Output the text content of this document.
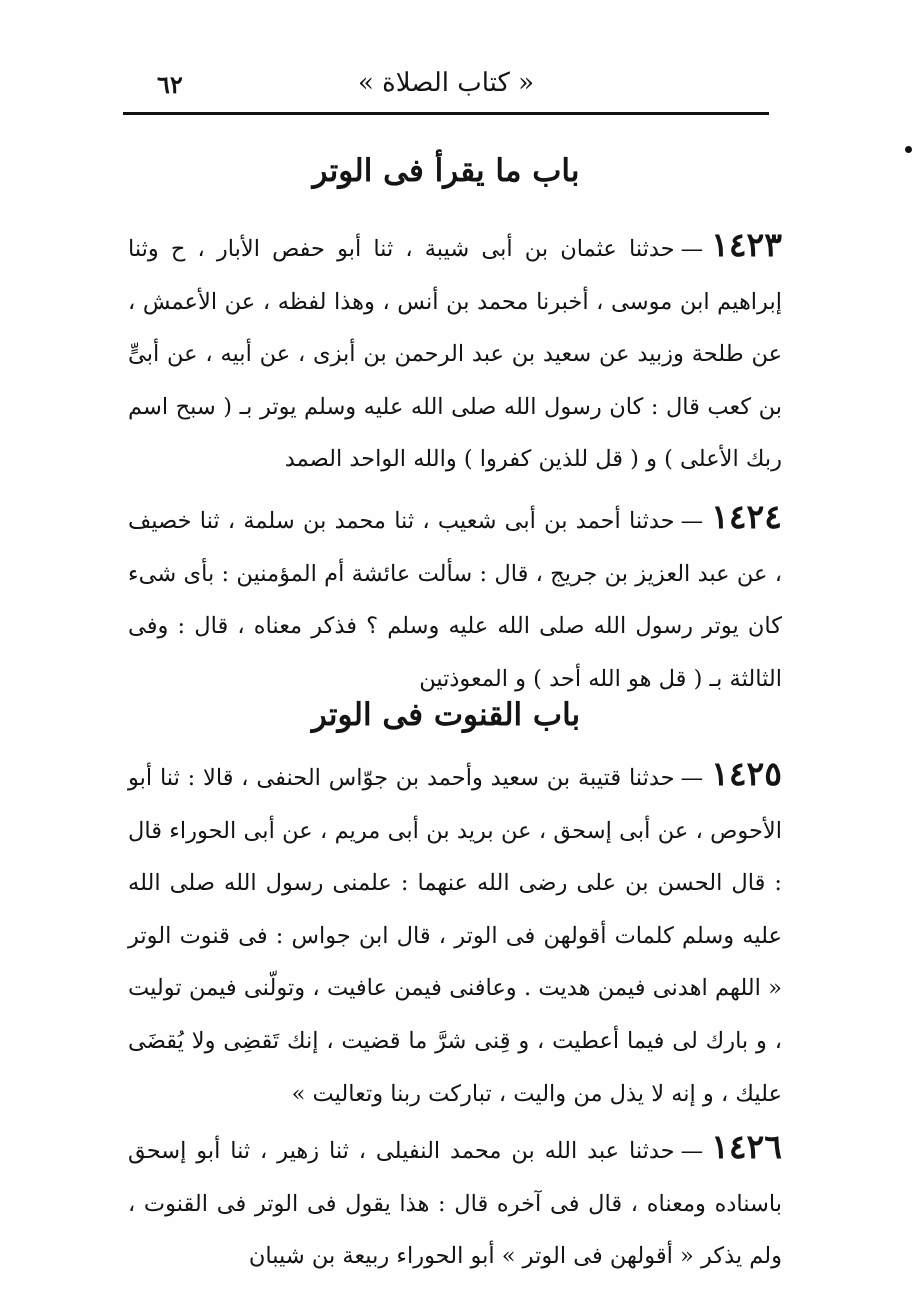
« كتاب الصلاة »
٦٢
باب ما يقرأ فى الوتر
١٤٢٣—حدثنا عثمان بن أبى شيبة ، ثنا أبو حفص الأبار ، ح وثنا إبراهيم ابن موسى ، أخبرنا محمد بن أنس ، وهذا لفظه ، عن الأعمش ، عن طلحة وزبيد عن سعيد بن عبد الرحمن بن أبزى ، عن أبيه ، عن أبىٍّ بن كعب قال : كان رسول الله صلى الله عليه وسلم يوتر بـ ( سبح اسم ربك الأعلى ) و ( قل للذين كفروا ) والله الواحد الصمد
١٤٢٤—حدثنا أحمد بن أبى شعيب ، ثنا محمد بن سلمة ، ثنا خصيف ، عن عبد العزيز بن جريج ، قال : سألت عائشة أم المؤمنين : بأى شىء كان يوتر رسول الله صلى الله عليه وسلم ؟ فذكر معناه ، قال : وفى الثالثة بـ ( قل هو الله أحد ) و المعوذتين
باب القنوت فى الوتر
١٤٢٥—حدثنا قتيبة بن سعيد وأحمد بن جوّاس الحنفى ، قالا : ثنا أبو الأحوص ، عن أبى إسحق ، عن بريد بن أبى مريم ، عن أبى الحوراء قال : قال الحسن بن على رضى الله عنهما : علمنى رسول الله صلى الله عليه وسلم كلمات أقولهن فى الوتر ، قال ابن جواس : فى قنوت الوتر « اللهم اهدنى فيمن هديت . وعافنى فيمن عافيت ، وتولّنى فيمن توليت ، و بارك لى فيما أعطيت ، و قِنى شرَّ ما قضيت ، إنك تَقضِى ولا يُقضَى عليك ، و إنه لا يذل من واليت ، تباركت ربنا وتعاليت »
١٤٢٦—حدثنا عبد الله بن محمد النفيلى ، ثنا زهير ، ثنا أبو إسحق باسناده ومعناه ، قال فى آخره قال : هذا يقول فى الوتر فى القنوت ، ولم يذكر « أقولهن فى الوتر » أبو الحوراء ربيعة بن شيبان
